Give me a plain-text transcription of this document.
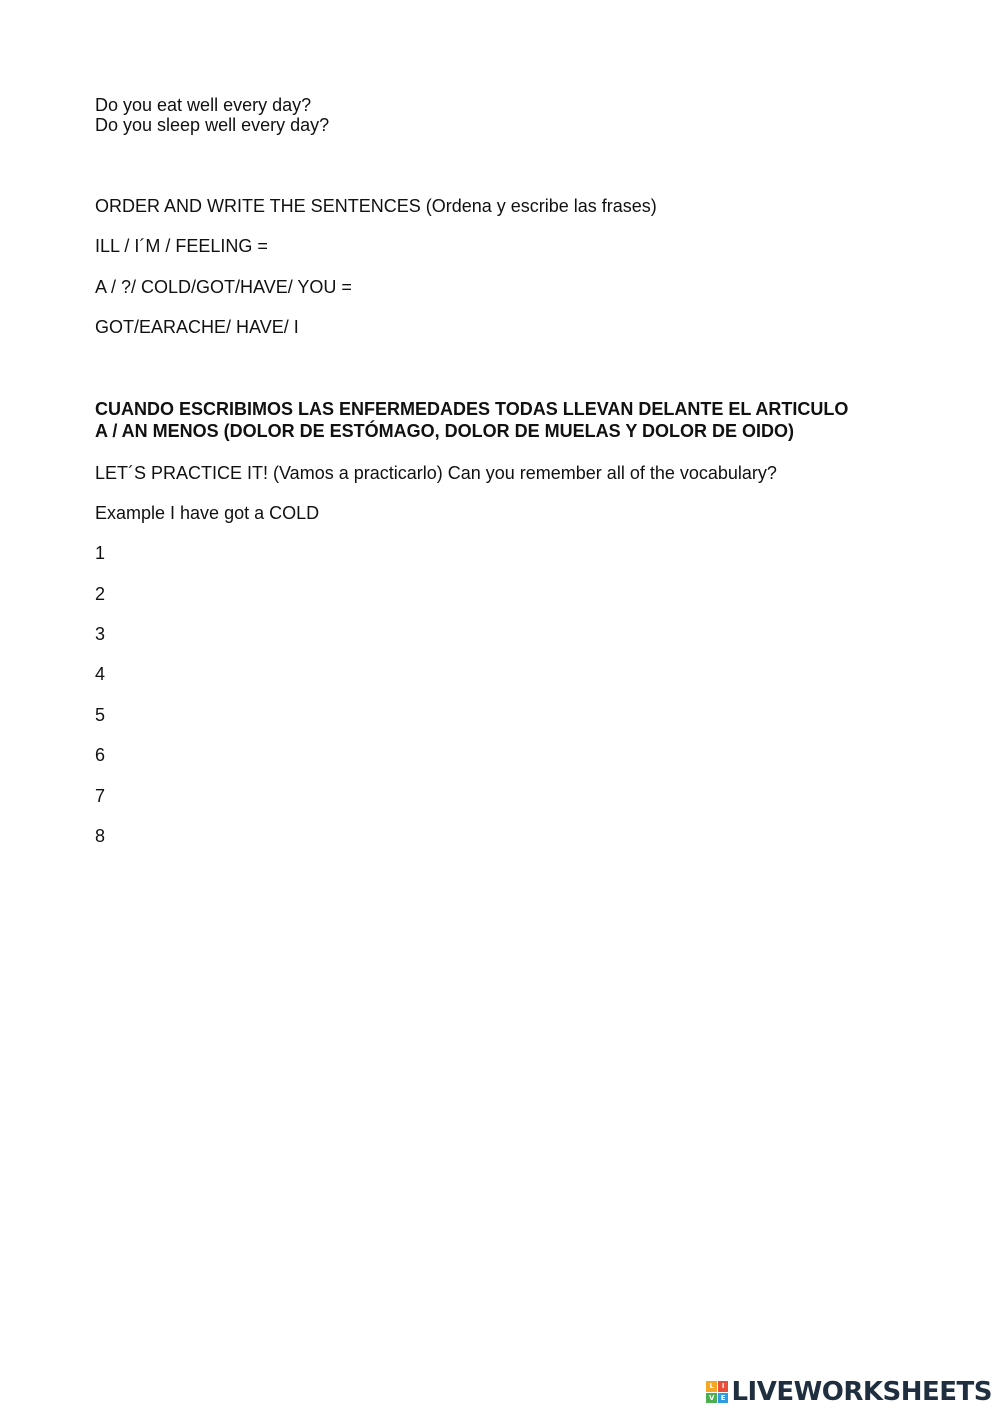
Do you eat well every day?
Do you sleep well every day?
ORDER AND WRITE THE SENTENCES (Ordena y escribe las frases)
ILL / I´M / FEELING =
A / ?/ COLD/GOT/HAVE/ YOU =
GOT/EARACHE/ HAVE/ I
CUANDO ESCRIBIMOS LAS ENFERMEDADES TODAS LLEVAN DELANTE EL ARTICULO
A / AN MENOS (DOLOR DE ESTÓMAGO, DOLOR DE MUELAS Y DOLOR DE OIDO)
LET´S PRACTICE IT! (Vamos a practicarlo) Can you remember all of the vocabulary?
Example I have got a COLD
1
2
3
4
5
6
7
8
L	I
V E LIVEWORKSHEETS
